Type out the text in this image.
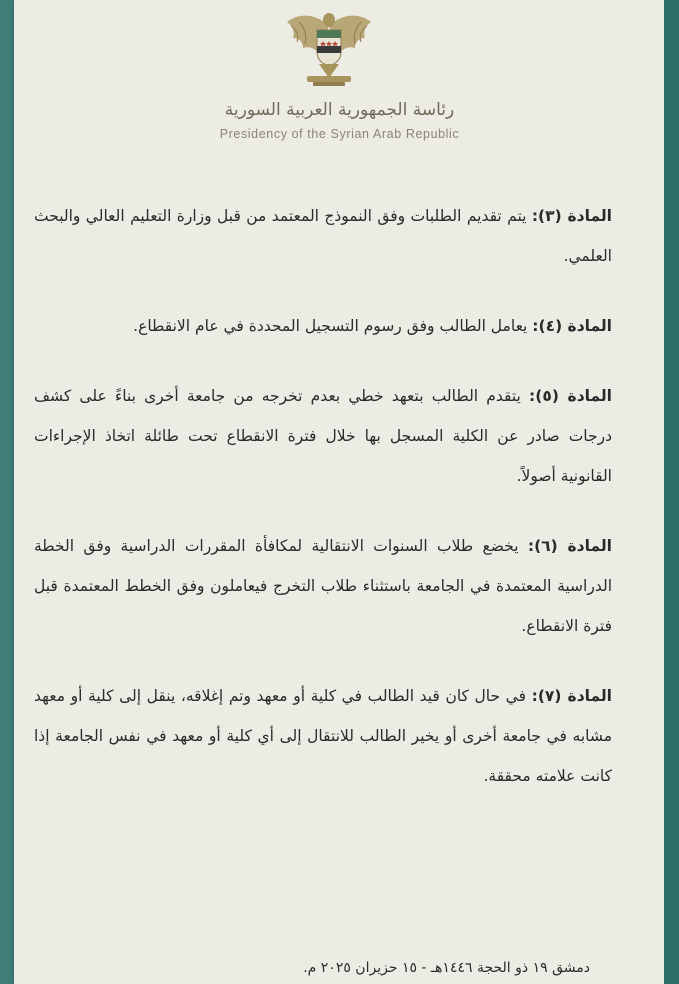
رئاسة الجمهورية العربية السورية
Presidency of the Syrian Arab Republic

المادة (٣): يتم تقديم الطلبات وفق النموذج المعتمد من قبل وزارة التعليم العالي والبحث العلمي.

المادة (٤): يعامل الطالب وفق رسوم التسجيل المحددة في عام الانقطاع.

المادة (٥): يتقدم الطالب بتعهد خطي بعدم تخرجه من جامعة أخرى بناءً على كشف درجات صادر عن الكلية المسجل بها خلال فترة الانقطاع تحت طائلة اتخاذ الإجراءات القانونية أصولاً.

المادة (٦): يخضع طلاب السنوات الانتقالية لمكافأة المقررات الدراسية وفق الخطة الدراسية المعتمدة في الجامعة باستثناء طلاب التخرج فيعاملون وفق الخطط المعتمدة قبل فترة الانقطاع.

المادة (٧): في حال كان قيد الطالب في كلية أو معهد وتم إغلاقه، ينقل إلى كلية أو معهد مشابه في جامعة أخرى أو يخير الطالب للانتقال إلى أي كلية أو معهد في نفس الجامعة إذا كانت علامته محققة.

دمشق ١٩ ذو الحجة ١٤٤٦هـ - ١٥ حزيران ٢٠٢٥ م.
